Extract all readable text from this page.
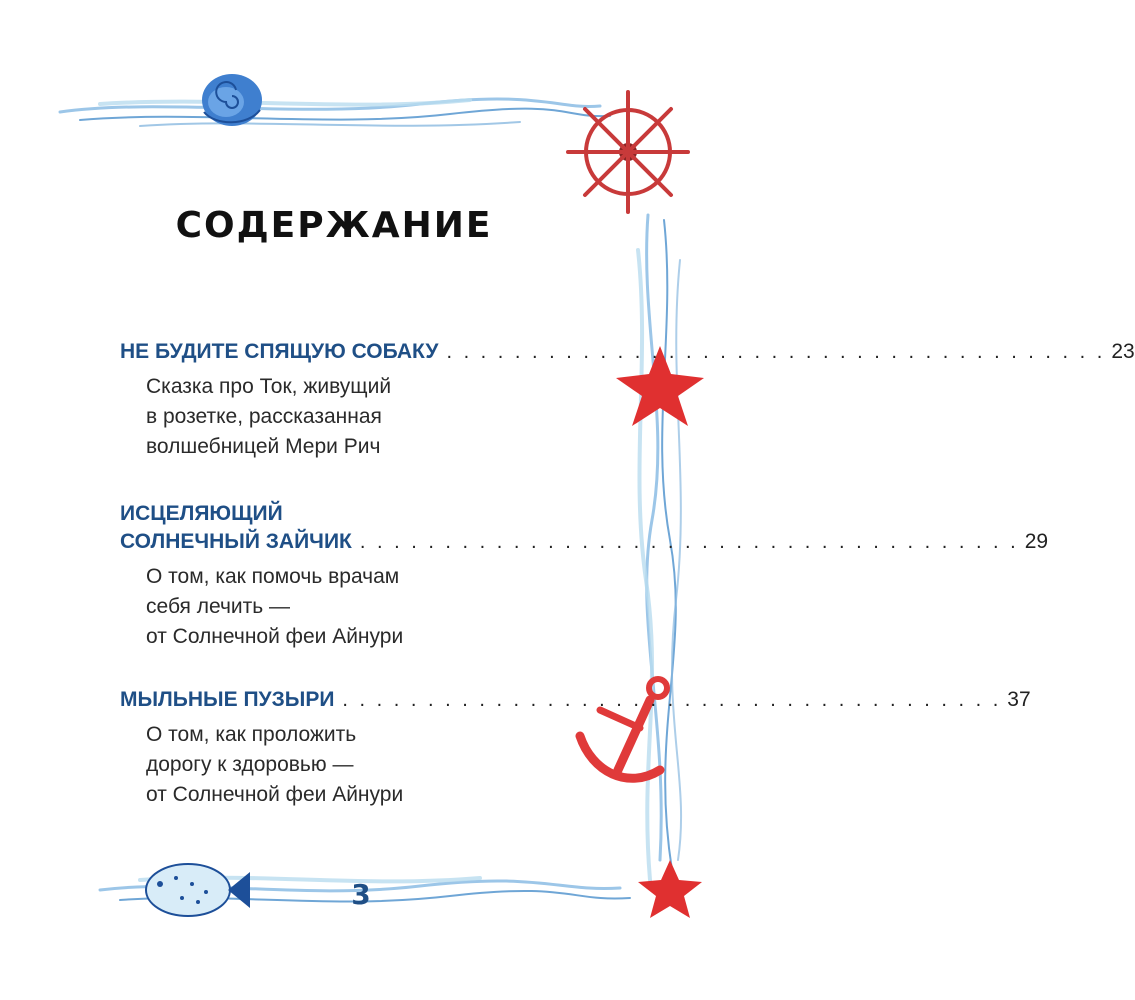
СОДЕРЖАНИЕ
НЕ БУДИТЕ СПЯЩУЮ СОБАКУ . . . . . . . . . . . . . . . . . . . . . . . . . . . . . . . . . . . . . . . 23
Сказка про Ток, живущий
в розетке, рассказанная
волшебницей Мери Рич
ИСЦЕЛЯЮЩИЙ
СОЛНЕЧНЫЙ ЗАЙЧИК . . . . . . . . . . . . . . . . . . . . . . . . . . . . . . . . . . . . . . . 29
О том, как помочь врачам
себя лечить —
от Солнечной феи Айнури
МЫЛЬНЫЕ ПУЗЫРИ . . . . . . . . . . . . . . . . . . . . . . . . . . . . . . . . . . . . . . . 37
О том, как проложить
дорогу к здоровью —
от Солнечной феи Айнури
3
